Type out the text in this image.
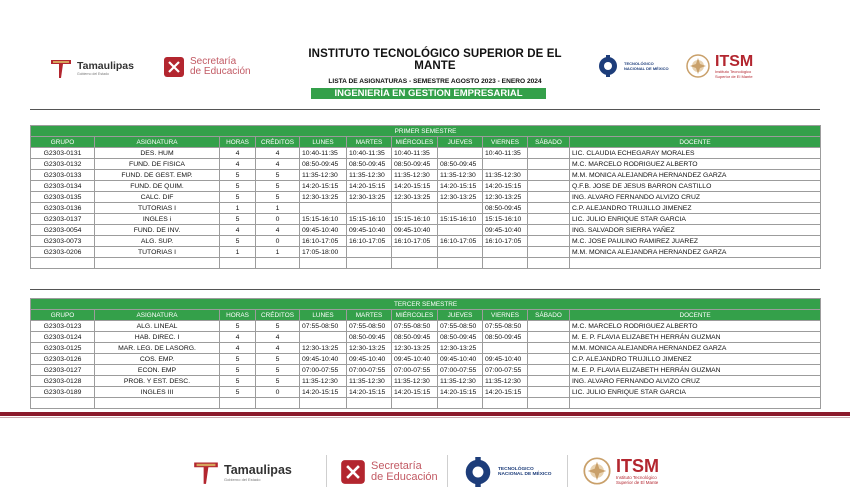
Tamaulipas
Gobierno del Estado
Secretaría
de Educación
INSTITUTO TECNOLÓGICO SUPERIOR DE EL MANTE
LISTA DE ASIGNATURAS - SEMESTRE AGOSTO 2023 - ENERO 2024
TECNOLÓGICO
NACIONAL DE MÉXICO	ITSM
Instituto Tecnológico
Superior de El Mante
INGENIERÍA EN GESTION EMPRESARIAL
PRIMER SEMESTRE										
GRUPO	ASIGNATURA	HORAS	CRÉDITOS	LUNES	MARTES	MIÉRCOLES	JUEVES	VIERNES	SÁBADO	DOCENTE
G2303-0131	DES. HUM	4	4	10:40-11:35	10:40-11:35	10:40-11:35		10:40-11:35		LIC. CLAUDIA ECHEGARAY MORALES
G2303-0132	FUND. DE FISICA	4	4	08:50-09:45	08:50-09:45	08:50-09:45	08:50-09:45			M.C. MARCELO RODRIGUEZ ALBERTO
G2303-0133	FUND. DE GEST. EMP.	5	5	11:35-12:30	11:35-12:30	11:35-12:30	11:35-12:30	11:35-12:30		M.M. MONICA ALEJANDRA HERNANDEZ GARZA
G2303-0134	FUND. DE QUIM.	5	5	14:20-15:15	14:20-15:15	14:20-15:15	14:20-15:15	14:20-15:15		Q.F.B. JOSE DE JESUS BARRON CASTILLO
G2303-0135	CALC. DIF	5	5	12:30-13:25	12:30-13:25	12:30-13:25	12:30-13:25	12:30-13:25		ING. ALVARO FERNANDO ALVIZO CRUZ
G2303-0136	TUTORIAS I	1	1					08:50-09:45		C.P. ALEJANDRO TRUJILLO JIMENEZ
G2303-0137	INGLES i	5	0	15:15-16:10	15:15-16:10	15:15-16:10	15:15-16:10	15:15-16:10		LIC. JULIO ENRIQUE STAR GARCIA
G2303-0054	FUND. DE INV.	4	4	09:45-10:40	09:45-10:40	09:45-10:40		09:45-10:40		ING. SALVADOR SIERRA YAÑEZ
G2303-0073	ALG. SUP.	5	0	16:10-17:05	16:10-17:05	16:10-17:05	16:10-17:05	16:10-17:05		M.C. JOSE PAULINO RAMIREZ JUAREZ
G2303-0206	TUTORIAS I	1	1	17:05-18:00						M.M. MONICA ALEJANDRA HERNANDEZ GARZA

TERCER SEMESTRE										
GRUPO	ASIGNATURA	HORAS	CRÉDITOS	LUNES	MARTES	MIÉRCOLES	JUEVES	VIERNES	SÁBADO	DOCENTE
G2303-0123	ALG. LINEAL	5	5	07:55-08:50	07:55-08:50	07:55-08:50	07:55-08:50	07:55-08:50		M.C. MARCELO RODRIGUEZ ALBERTO
G2303-0124	HAB. DIREC. I	4	4		08:50-09:45	08:50-09:45	08:50-09:45	08:50-09:45		M. E. P. FLAVIA ELIZABETH HERRÁN GUZMAN
G2303-0125	MAR. LEG. DE LASORG.	4	4	12:30-13:25	12:30-13:25	12:30-13:25	12:30-13:25			M.M. MONICA ALEJANDRA HERNANDEZ GARZA
G2303-0126	COS. EMP.	5	5	09:45-10:40	09:45-10:40	09:45-10:40	09:45-10:40	09:45-10:40		C.P. ALEJANDRO TRUJILLO JIMENEZ
G2303-0127	ECON. EMP	5	5	07:00-07:55	07:00-07:55	07:00-07:55	07:00-07:55	07:00-07:55		M. E. P. FLAVIA ELIZABETH HERRÁN GUZMAN
G2303-0128	PROB. Y EST. DESC.	5	5	11:35-12:30	11:35-12:30	11:35-12:30	11:35-12:30	11:35-12:30		ING. ALVARO FERNANDO ALVIZO CRUZ
G2303-0189	INGLES III	5	0	14:20-15:15	14:20-15:15	14:20-15:15	14:20-15:15	14:20-15:15		LIC. JULIO ENRIQUE STAR GARCIA

Tamaulipas
Gobierno del Estado
Secretaría
de Educación
TECNOLÓGICO
NACIONAL DE MÉXICO	ITSM
Instituto Tecnológico
Superior de El Mante
